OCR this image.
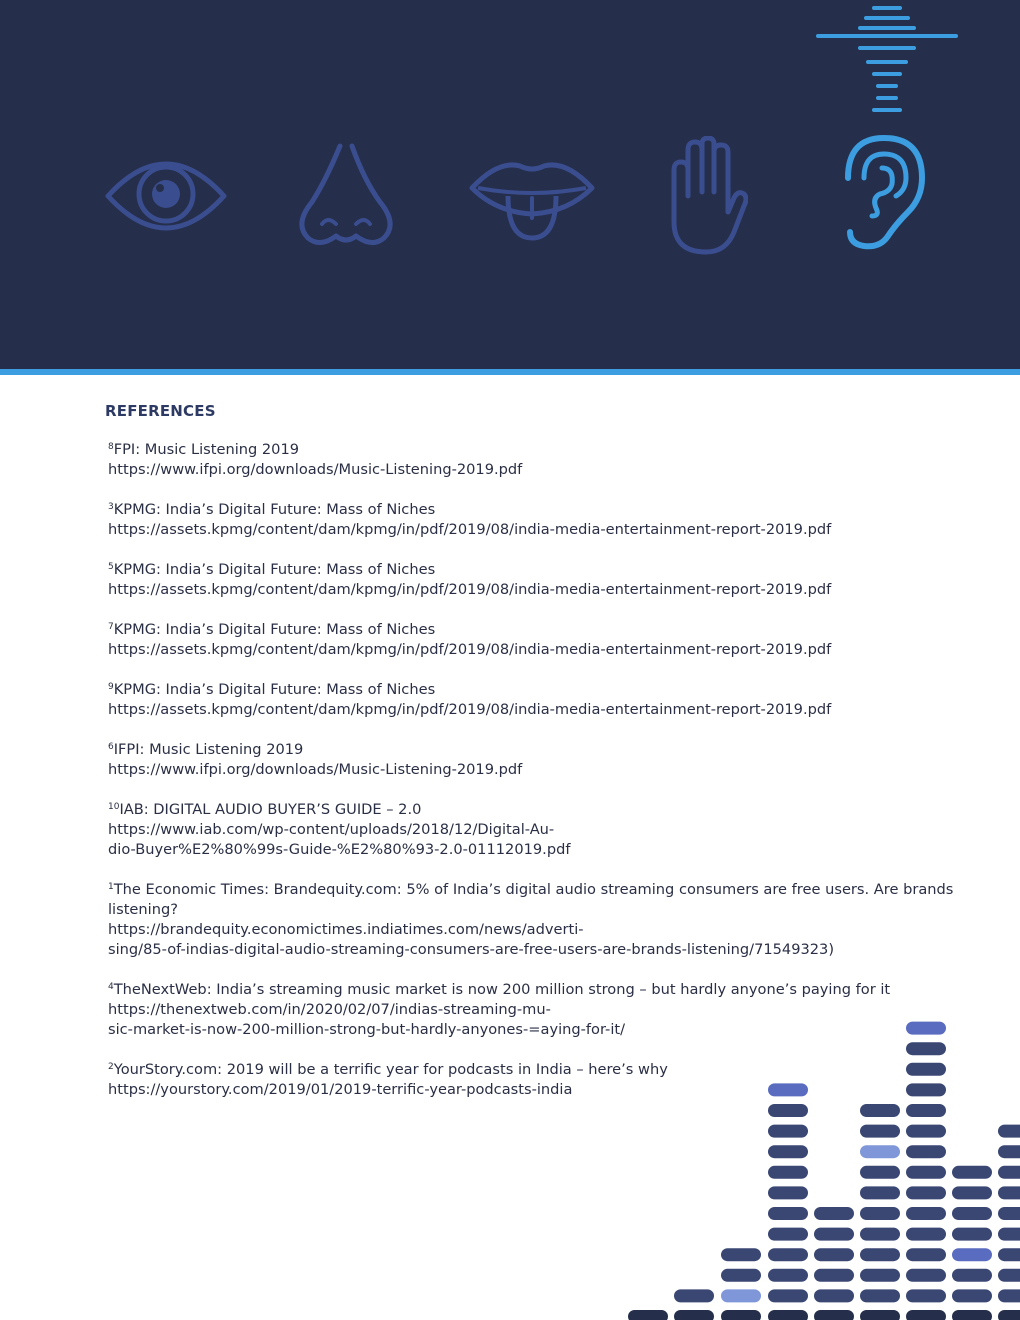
REFERENCES
$^8$FPI: Music Listening 2019
https://www.ifpi.org/downloads/Music-Listening-2019.pdf
$^3$KPMG: India’s Digital Future: Mass of Niches
https://assets.kpmg/content/dam/kpmg/in/pdf/2019/08/india-media-entertainment-report-2019.pdf
$^5$KPMG: India’s Digital Future: Mass of Niches
https://assets.kpmg/content/dam/kpmg/in/pdf/2019/08/india-media-entertainment-report-2019.pdf
$^7$KPMG: India’s Digital Future: Mass of Niches
https://assets.kpmg/content/dam/kpmg/in/pdf/2019/08/india-media-entertainment-report-2019.pdf
$^9$KPMG: India’s Digital Future: Mass of Niches
https://assets.kpmg/content/dam/kpmg/in/pdf/2019/08/india-media-entertainment-report-2019.pdf
$^6$IFPI: Music Listening 2019
https://www.ifpi.org/downloads/Music-Listening-2019.pdf
$^{10}$IAB: DIGITAL AUDIO BUYER’S GUIDE – 2.0
https://www.iab.com/wp-content/uploads/2018/12/Digital-Au-
dio-Buyer%E2%80%99s-Guide-%E2%80%93-2.0-01112019.pdf
$^1$The Economic Times: Brandequity.com: 5% of India’s digital audio streaming consumers are free users. Are brands listening?
https://brandequity.economictimes.indiatimes.com/news/adverti-
sing/85-of-indias-digital-audio-streaming-consumers-are-free-users-are-brands-listening/71549323)
$^4$TheNextWeb: India’s streaming music market is now 200 million strong – but hardly anyone’s paying for it
https://thenextweb.com/in/2020/02/07/indias-streaming-mu-
sic-market-is-now-200-million-strong-but-hardly-anyones-=aying-for-it/
$^2$YourStory.com: 2019 will be a terrific year for podcasts in India – here’s why
https://yourstory.com/2019/01/2019-terrific-year-podcasts-india
